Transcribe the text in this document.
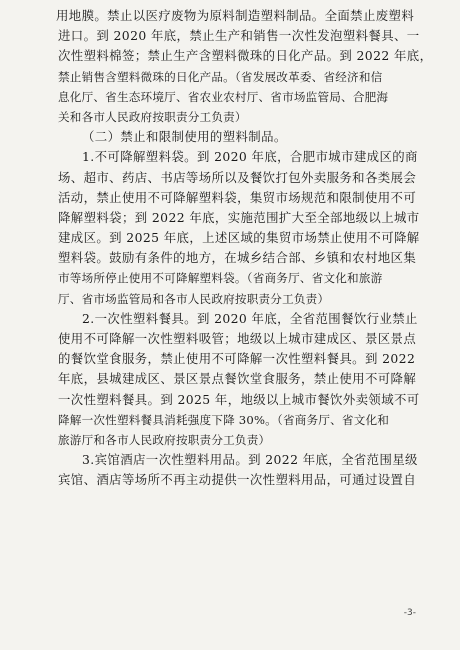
用地膜。禁止以医疗废物为原料制造塑料制品。全面禁止废塑料
进口。到 2020 年底，禁止生产和销售一次性发泡塑料餐具、一
次性塑料棉签；禁止生产含塑料微珠的日化产品。到 2022 年底，
禁止销售含塑料微珠的日化产品。（省发展改革委、省经济和信
息化厅、省生态环境厅、省农业农村厅、省市场监管局、合肥海
关和各市人民政府按职责分工负责）
（二）禁止和限制使用的塑料制品。
1.不可降解塑料袋。到 2020 年底，合肥市城市建成区的商
场、超市、药店、书店等场所以及餐饮打包外卖服务和各类展会
活动，禁止使用不可降解塑料袋，集贸市场规范和限制使用不可
降解塑料袋；到 2022 年底，实施范围扩大至全部地级以上城市
建成区。到 2025 年底，上述区域的集贸市场禁止使用不可降解
塑料袋。鼓励有条件的地方，在城乡结合部、乡镇和农村地区集
市等场所停止使用不可降解塑料袋。（省商务厅、省文化和旅游
厅、省市场监管局和各市人民政府按职责分工负责）
2.一次性塑料餐具。到 2020 年底，全省范围餐饮行业禁止
使用不可降解一次性塑料吸管；地级以上城市建成区、景区景点
的餐饮堂食服务，禁止使用不可降解一次性塑料餐具。到 2022
年底，县城建成区、景区景点餐饮堂食服务，禁止使用不可降解
一次性塑料餐具。到 2025 年，地级以上城市餐饮外卖领域不可
降解一次性塑料餐具消耗强度下降 30%。（省商务厅、省文化和
旅游厅和各市人民政府按职责分工负责）
3.宾馆酒店一次性塑料用品。到 2022 年底，全省范围星级
宾馆、酒店等场所不再主动提供一次性塑料用品，可通过设置自
-3-
